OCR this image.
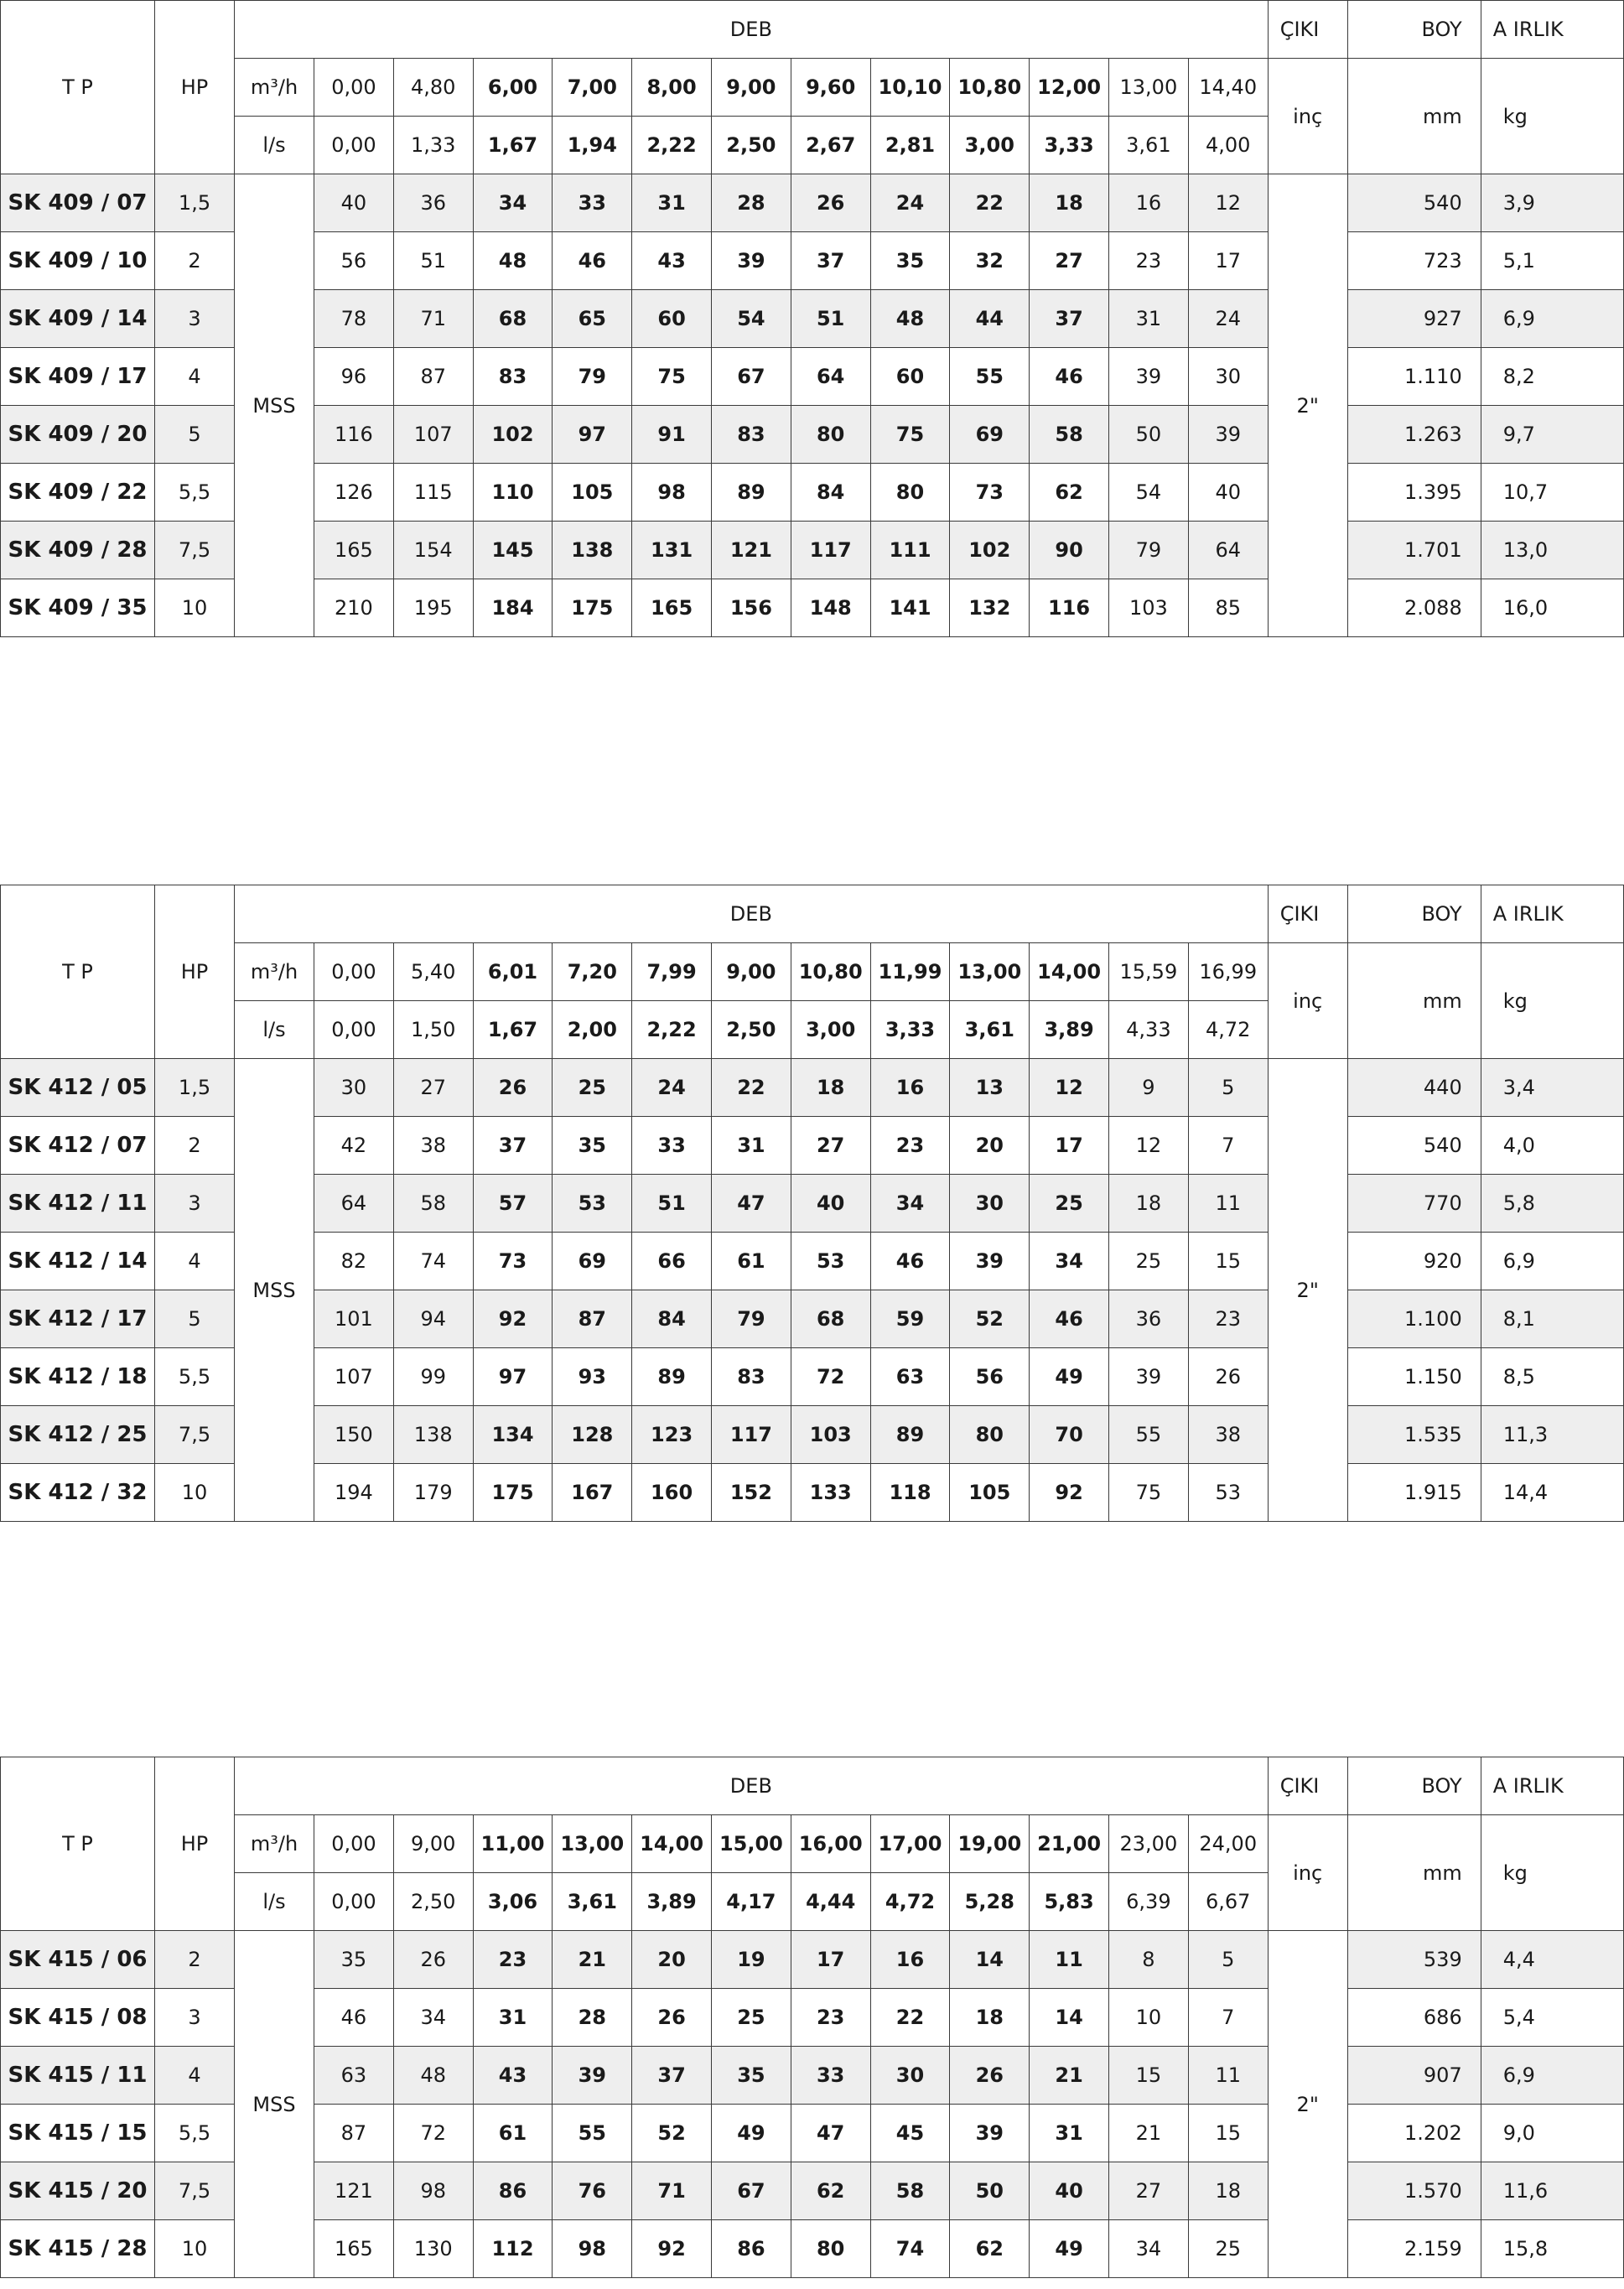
T P	HP	DEB													ÇIKI	BOY	A IRLIK
		m³/h	0,00	4,80	6,00	7,00	8,00	9,00	9,60	10,10	10,80	12,00	13,00	14,40	inç	mm	kg
		l/s	0,00	1,33	1,67	1,94	2,22	2,50	2,67	2,81	3,00	3,33	3,61	4,00			
SK 409 / 07	1,5	MSS	40	36	34	33	31	28	26	24	22	18	16	12	2"	540	3,9
SK 409 / 10	2		56	51	48	46	43	39	37	35	32	27	23	17		723	5,1
SK 409 / 14	3		78	71	68	65	60	54	51	48	44	37	31	24		927	6,9
SK 409 / 17	4		96	87	83	79	75	67	64	60	55	46	39	30		1.110	8,2
SK 409 / 20	5		116	107	102	97	91	83	80	75	69	58	50	39		1.263	9,7
SK 409 / 22	5,5		126	115	110	105	98	89	84	80	73	62	54	40		1.395	10,7
SK 409 / 28	7,5		165	154	145	138	131	121	117	111	102	90	79	64		1.701	13,0
SK 409 / 35	10		210	195	184	175	165	156	148	141	132	116	103	85		2.088	16,0
T P	HP	DEB													ÇIKI	BOY	A IRLIK
		m³/h	0,00	5,40	6,01	7,20	7,99	9,00	10,80	11,99	13,00	14,00	15,59	16,99	inç	mm	kg
		l/s	0,00	1,50	1,67	2,00	2,22	2,50	3,00	3,33	3,61	3,89	4,33	4,72			
SK 412 / 05	1,5	MSS	30	27	26	25	24	22	18	16	13	12	9	5	2"	440	3,4
SK 412 / 07	2		42	38	37	35	33	31	27	23	20	17	12	7		540	4,0
SK 412 / 11	3		64	58	57	53	51	47	40	34	30	25	18	11		770	5,8
SK 412 / 14	4		82	74	73	69	66	61	53	46	39	34	25	15		920	6,9
SK 412 / 17	5		101	94	92	87	84	79	68	59	52	46	36	23		1.100	8,1
SK 412 / 18	5,5		107	99	97	93	89	83	72	63	56	49	39	26		1.150	8,5
SK 412 / 25	7,5		150	138	134	128	123	117	103	89	80	70	55	38		1.535	11,3
SK 412 / 32	10		194	179	175	167	160	152	133	118	105	92	75	53		1.915	14,4
T P	HP	DEB													ÇIKI	BOY	A IRLIK
		m³/h	0,00	9,00	11,00	13,00	14,00	15,00	16,00	17,00	19,00	21,00	23,00	24,00	inç	mm	kg
		l/s	0,00	2,50	3,06	3,61	3,89	4,17	4,44	4,72	5,28	5,83	6,39	6,67			
SK 415 / 06	2	MSS	35	26	23	21	20	19	17	16	14	11	8	5	2"	539	4,4
SK 415 / 08	3		46	34	31	28	26	25	23	22	18	14	10	7		686	5,4
SK 415 / 11	4		63	48	43	39	37	35	33	30	26	21	15	11		907	6,9
SK 415 / 15	5,5		87	72	61	55	52	49	47	45	39	31	21	15		1.202	9,0
SK 415 / 20	7,5		121	98	86	76	71	67	62	58	50	40	27	18		1.570	11,6
SK 415 / 28	10		165	130	112	98	92	86	80	74	62	49	34	25		2.159	15,8
